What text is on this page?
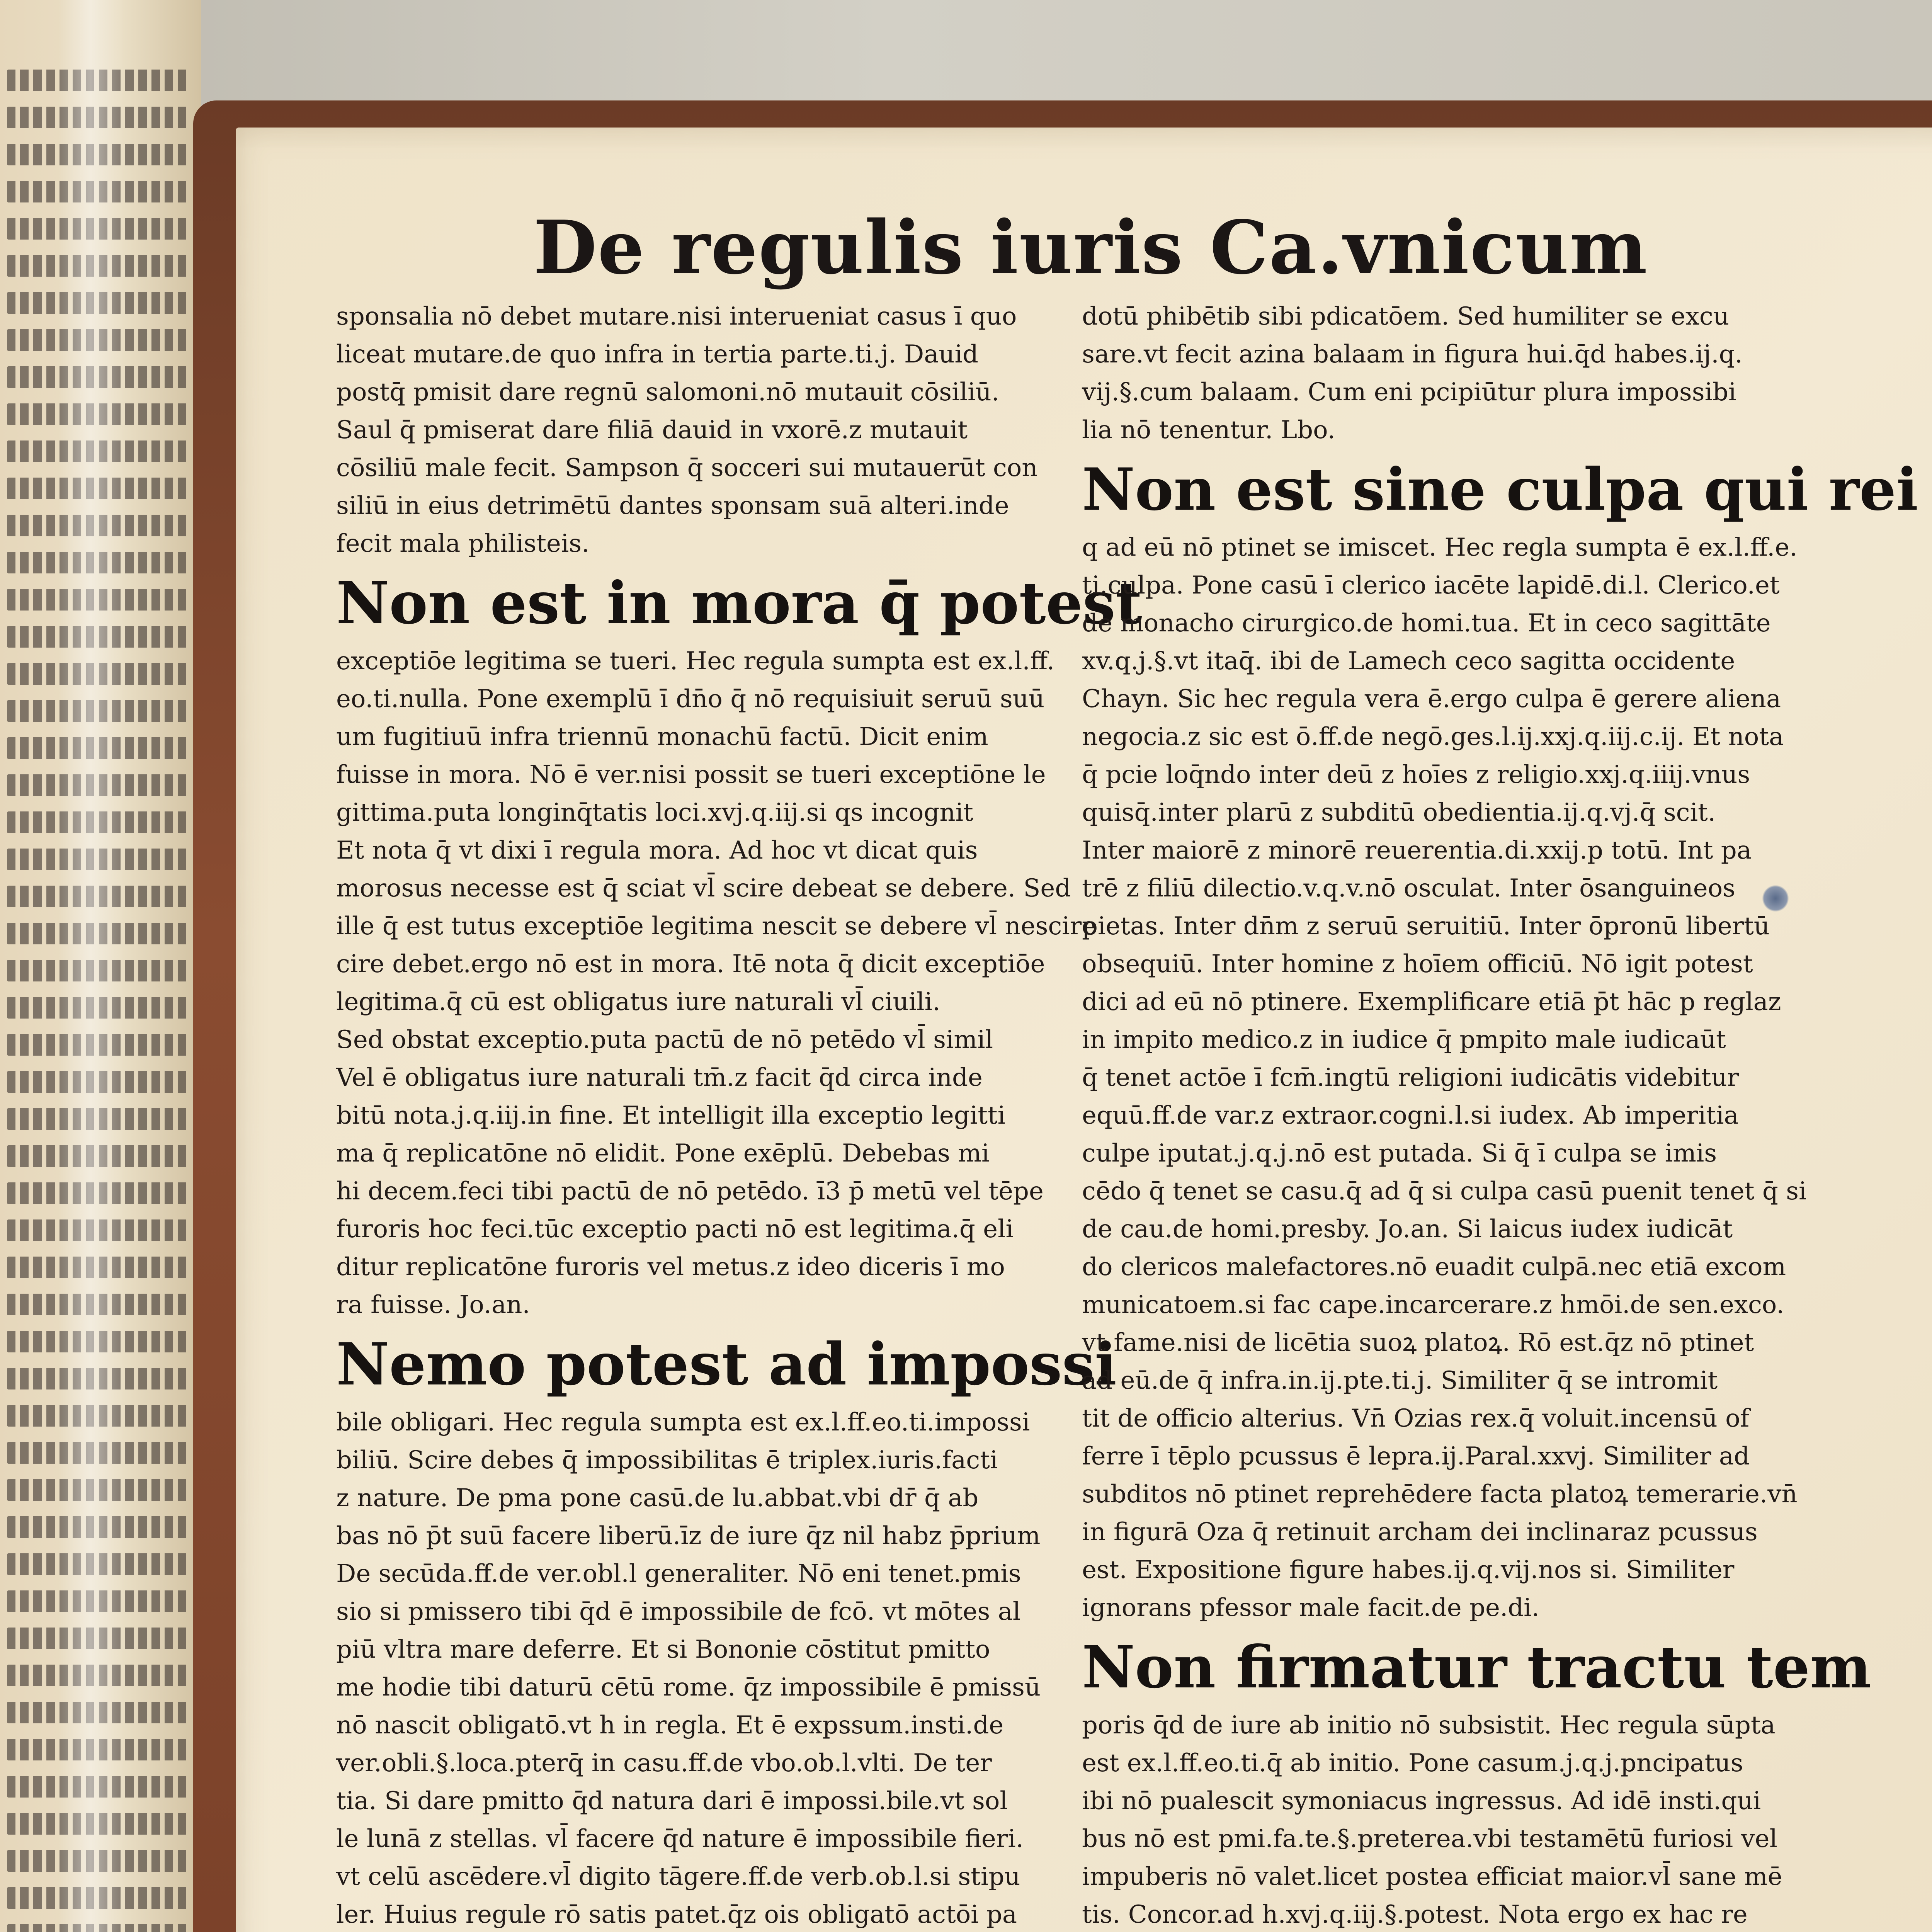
De regulis iuris Ca.vnicum
sponsalia nō debet mutare.nisi interueniat casus ī quo
liceat mutare.de quo infra in tertia parte.ti.j. Dauid
postq̄ pmisit dare regnū salomoni.nō mutauit cōsiliū.
Saul q̄ pmiserat dare filiā dauid in vxorē.z mutauit
cōsiliū male fecit. Sampson q̄ socceri sui mutauerūt con
siliū in eius detrimētū dantes sponsam suā alteri.inde
fecit mala philisteis.
Non est in mora q̄ potest
exceptiōe legitima se tueri. Hec regula sumpta est ex.l.ff.
eo.ti.nulla. Pone exemplū ī dn̄o q̄ nō requisiuit seruū suū
um fugitiuū infra triennū monachū factū. Dicit enim
fuisse in mora. Nō ē ver.nisi possit se tueri exceptiōne le
gittima.puta longinq̄tatis loci.xvj.q.iij.si qs incognit
Et nota q̄ vt dixi ī regula mora. Ad hoc vt dicat quis
morosus necesse est q̄ sciat vl̄ scire debeat se debere. Sed
ille q̄ est tutus exceptiōe legitima nescit se debere vl̄ nescire
cire debet.ergo nō est in mora. Itē nota q̄ dicit exceptiōe
legitima.q̄ cū est obligatus iure naturali vl̄ ciuili.
Sed obstat exceptio.puta pactū de nō petēdo vl̄ simil
Vel ē obligatus iure naturali tm̄.z facit q̄d circa inde
bitū nota.j.q.iij.in fine. Et intelligit illa exceptio legitti
ma q̄ replicatōne nō elidit. Pone exēplū. Debebas mi
hi decem.feci tibi pactū de nō petēdo. ī3 p̄ metū vel tēpe
furoris hoc feci.tūc exceptio pacti nō est legitima.q̄ eli
ditur replicatōne furoris vel metus.z ideo diceris ī mo
ra fuisse. Jo.an.
Nemo potest ad impossi
bile obligari. Hec regula sumpta est ex.l.ff.eo.ti.impossi
biliū. Scire debes q̄ impossibilitas ē triplex.iuris.facti
z nature. De pma pone casū.de lu.abbat.vbi dr̄ q̄ ab
bas nō p̄t suū facere liberū.īz de iure q̄z nil habz p̄prium
De secūda.ff.de ver.obl.l generaliter. Nō eni tenet.pmis
sio si pmissero tibi q̄d ē impossibile de fcō. vt mōtes al
piū vltra mare deferre. Et si Bononie cōstitut pmitto
me hodie tibi daturū cētū rome. q̄z impossibile ē pmissū
nō nascit obligatō.vt h in regla. Et ē expssum.insti.de
ver.obli.§.loca.pterq̄ in casu.ff.de vbo.ob.l.vlti. De ter
tia. Si dare pmitto q̄d natura dari ē impossi.bile.vt sol
le lunā z stellas. vl̄ facere q̄d nature ē impossibile fieri.
vt celū ascēdere.vl̄ digito tāgere.ff.de verb.ob.l.si stipu
ler. Huius regule rō satis patet.q̄z ois obligatō actōi pa
dotū phibētib sibi pdicatōem. Sed humiliter se excu
sare.vt fecit azina balaam in figura hui.q̄d habes.ij.q.
vij.§.cum balaam. Cum eni pcipiūtur plura impossibi
lia nō tenentur. Lbo.
Non est sine culpa qui rei
q ad eū nō ptinet se imiscet. Hec regla sumpta ē ex.l.ff.e.
ti.culpa. Pone casū ī clerico iacēte lapidē.di.l. Clerico.et
de monacho cirurgico.de homi.tua. Et in ceco sagittāte
xv.q.j.§.vt itaq̄. ibi de Lamech ceco sagitta occidente
Chayn. Sic hec regula vera ē.ergo culpa ē gerere aliena
negocia.z sic est ō.ff.de negō.ges.l.ij.xxj.q.iij.c.ij. Et nota
q̄ pcie loq̄ndo inter deū z hoīes z religio.xxj.q.iiij.vnus
quisq̄.inter plarū z subditū obedientia.ij.q.vj.q̄ scit.
Inter maiorē z minorē reuerentia.di.xxij.p totū. Int pa
trē z filiū dilectio.v.q.v.nō osculat. Inter ōsanguineos
pietas. Inter dn̄m z seruū seruitiū. Inter ōpronū libertū
obsequiū. Inter homine z hoīem officiū. Nō igit potest
dici ad eū nō ptinere. Exemplificare etiā p̄t hāc p reglaz
in impito medico.z in iudice q̄ pmpito male iudicaūt
q̄ tenet actōe ī fcm̄.ingtū religioni iudicātis videbitur
equū.ff.de var.z extraor.cogni.l.si iudex. Ab imperitia
culpe iputat.j.q.j.nō est putada. Si q̄ ī culpa se imis
cēdo q̄ tenet se casu.q̄ ad q̄ si culpa casū puenit tenet q̄ si
de cau.de homi.presby. Jo.an. Si laicus iudex iudicāt
do clericos malefactores.nō euadit culpā.nec etiā excom
municatoem.si fac cape.incarcerare.z hmōi.de sen.exco.
vt fame.nisi de licētia suoꝝ platoꝝ. Rō est.q̄z nō ptinet
ad eū.de q̄ infra.in.ij.pte.ti.j. Similiter q̄ se intromit
tit de officio alterius. Vn̄ Ozias rex.q̄ voluit.incensū of
ferre ī tēplo pcussus ē lepra.ij.Paral.xxvj. Similiter ad
subditos nō ptinet reprehēdere facta platoꝝ temerarie.vn̄
in figurā Oza q̄ retinuit archam dei inclinaraz pcussus
est. Expositione figure habes.ij.q.vij.nos si. Similiter
ignorans pfessor male facit.de pe.di.
Non firmatur tractu tem
poris q̄d de iure ab initio nō subsistit. Hec regula sūpta
est ex.l.ff.eo.ti.q̄ ab initio. Pone casum.j.q.j.pncipatus
ibi nō pualescit symoniacus ingressus. Ad idē insti.qui
bus nō est pmi.fa.te.§.preterea.vbi testamētū furiosi vel
impuberis nō valet.licet postea efficiat maior.vl̄ sane mē
tis. Concor.ad h.xvj.q.iij.§.potest. Nota ergo ex hac re
